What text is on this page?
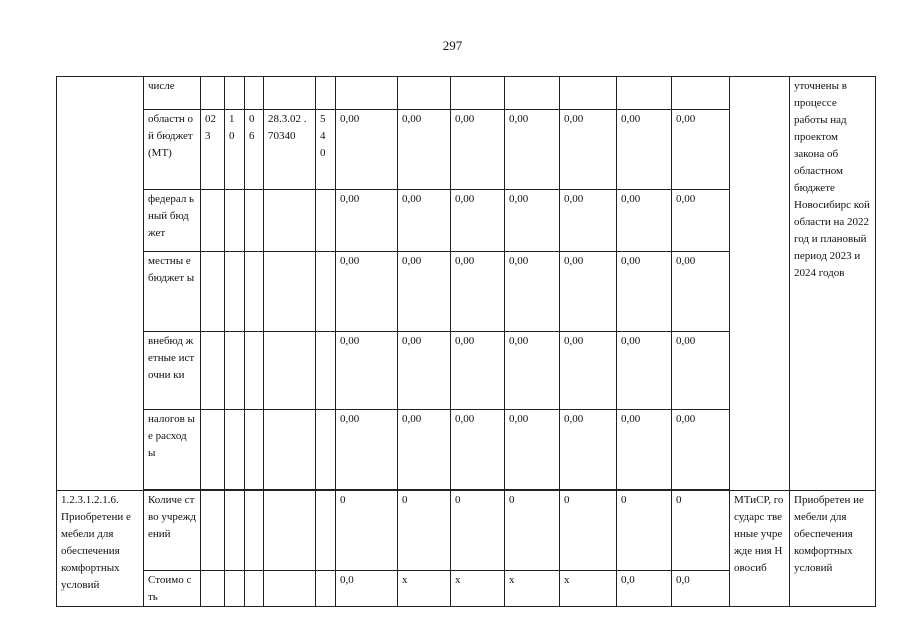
297
	числе														уточнены в процессе работы над проектом закона об областном бюджете Новосибирс кой области на 2022 год и плановый период 2023 и 2024 годов
	областн ой бюджет (МТ)	02 3	1 0	0 6	28.3.02 .70340	5 4 0	0,00	0,00	0,00	0,00	0,00	0,00	0,00		
	федерал ьный бюджет						0,00	0,00	0,00	0,00	0,00	0,00	0,00		
	местны е бюджет ы						0,00	0,00	0,00	0,00	0,00	0,00	0,00		
	внебюд жетные источни ки						0,00	0,00	0,00	0,00	0,00	0,00	0,00		
	налогов ые расход ы						0,00	0,00	0,00	0,00	0,00	0,00	0,00		

1.2.3.1.2.1.6. Приобретени е мебели для обеспечения комфортных условий	Количе ство учрежд ений						0	0	0	0	0	0	0	МТиСР, государс твенные учрежде ния Новосиб	Приобретен ие мебели для обеспечения комфортных условий
	Стоимо сть						0,0	x	x	x	x	0,0	0,0		
